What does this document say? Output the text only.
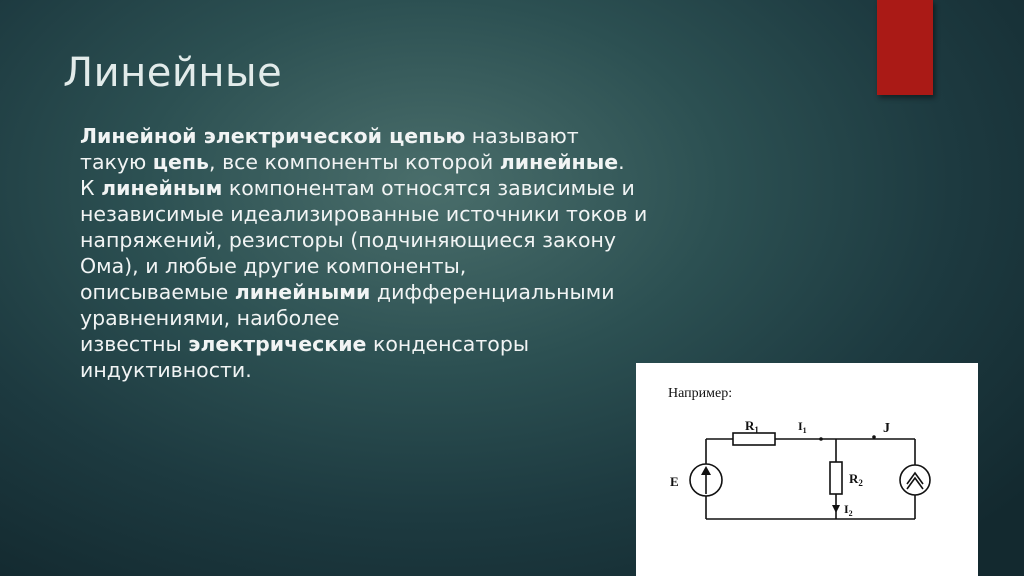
Линейные
Линейной электрической цепью называют
такую цепь, все компоненты которой линейные.
К линейным компонентам относятся зависимые и
независимые идеализированные источники токов и
напряжений, резисторы (подчиняющиеся закону
Ома), и любые другие компоненты,
описываемые линейными дифференциальными
уравнениями, наиболее
известны электрические конденсаторы
индуктивности.
Например:
$R_1$	$I_1$	J
E	$R_2$
$I_2$
